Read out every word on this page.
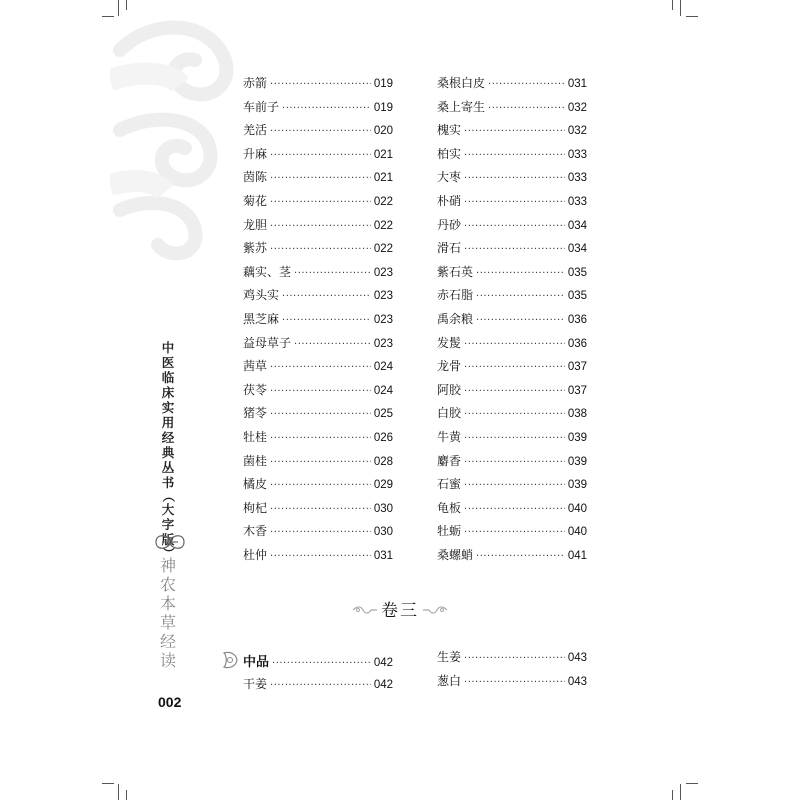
中
医
临
床
实
用
经
典
丛
书
（
大
字
版
）
神
农
本
草
经
读
002
赤箭 ·····	019
车前子 ·····	019
羌活 ·····	020
升麻 ·····	021
茵陈 ·····	021
菊花 ·····	022
龙胆 ·····	022
紫苏 ·····	022
藕实、茎 ·····	023
鸡头实 ·····	023
黑芝麻 ·····	023
益母草子 ·····	023
茜草 ·····	024
茯苓 ·····	024
猪苓 ·····	025
牡桂 ·····	026
菌桂 ·····	028
橘皮 ·····	029
枸杞 ·····	030
木香 ·····	030
杜仲 ·····	031
桑根白皮 ·····	031
桑上寄生 ·····	032
槐实 ·····	032
柏实 ·····	033
大枣 ·····	033
朴硝 ·····	033
丹砂 ·····	034
滑石 ·····	034
紫石英 ·····	035
赤石脂 ·····	035
禹余粮 ·····	036
发髲 ·····	036
龙骨 ·····	037
阿胶 ·····	037
白胶 ·····	038
牛黄 ·····	039
麝香 ·····	039
石蜜 ·····	039
龟板 ·····	040
牡蛎 ·····	040
桑螺蛸 ·····	041
卷三
中品 ·····	042
干姜 ·····	042
生姜 ·····	043
葱白 ·····	043
